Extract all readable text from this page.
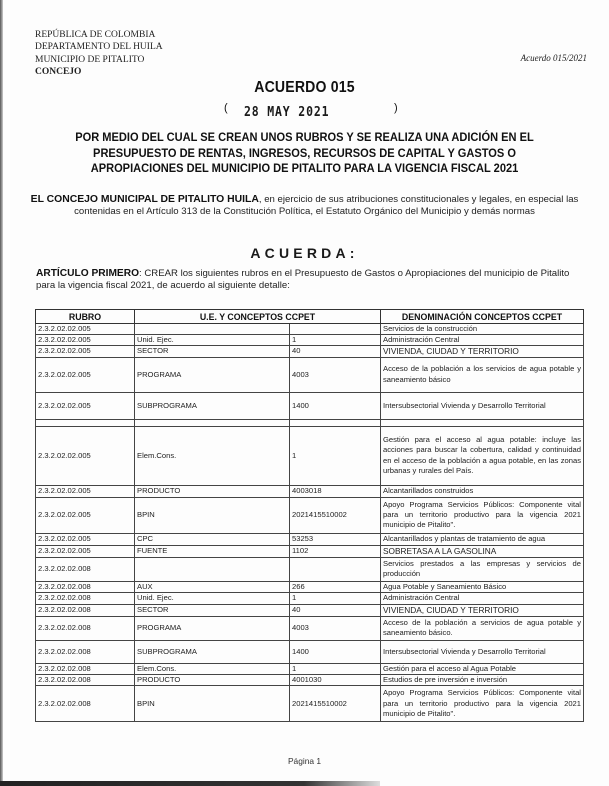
REPÚBLICA DE COLOMBIA
DEPARTAMENTO DEL HUILA
MUNICIPIO DE PITALITO
CONCEJO
Acuerdo 015/2021
ACUERDO 015
( 28 MAY 2021	)
POR MEDIO DEL CUAL SE CREAN UNOS RUBROS Y SE REALIZA UNA ADICIÓN EN EL
PRESUPUESTO DE RENTAS, INGRESOS, RECURSOS DE CAPITAL Y GASTOS O
APROPIACIONES DEL MUNICIPIO DE PITALITO PARA LA VIGENCIA FISCAL 2021
EL CONCEJO MUNICIPAL DE PITALITO HUILA, en ejercicio de sus atribuciones constitucionales y legales, en especial las contenidas en el Artículo 313 de la Constitución Política, el Estatuto Orgánico del Municipio y demás normas
ACUERDA:
ARTÍCULO PRIMERO: CREAR los siguientes rubros en el Presupuesto de Gastos o Apropiaciones del municipio de Pitalito para la vigencia fiscal 2021, de acuerdo al siguiente detalle:
RUBRO	U.E. Y CONCEPTOS CCPET		DENOMINACIÓN CONCEPTOS CCPET
2.3.2.02.02.005			Servicios de la construcción
2.3.2.02.02.005	Unid. Ejec.	1	Administración Central
2.3.2.02.02.005	SECTOR	40	VIVIENDA, CIUDAD Y TERRITORIO
2.3.2.02.02.005	PROGRAMA	4003	Acceso de la población a los servicios de agua potable y saneamiento básico
2.3.2.02.02.005	SUBPROGRAMA	1400	Intersubsectorial Vivienda y Desarrollo Territorial

2.3.2.02.02.005	Elem.Cons.	1	Gestión para el acceso al agua potable: incluye las acciones para buscar la cobertura, calidad y continuidad en el acceso de la población a agua potable, en las zonas urbanas y rurales del País.
2.3.2.02.02.005	PRODUCTO	4003018	Alcantarillados construidos
2.3.2.02.02.005	BPIN	2021415510002	Apoyo Programa Servicios Públicos: Componente vital para un territorio productivo para la vigencia 2021 municipio de Pitalito".
2.3.2.02.02.005	CPC	53253	Alcantarillados y plantas de tratamiento de agua
2.3.2.02.02.005	FUENTE	1102	SOBRETASA A LA GASOLINA
2.3.2.02.02.008			Servicios prestados a las empresas y servicios de producción
2.3.2.02.02.008	AUX	266	Agua Potable y Saneamiento Básico
2.3.2.02.02.008	Unid. Ejec.	1	Administración Central
2.3.2.02.02.008	SECTOR	40	VIVIENDA, CIUDAD Y TERRITORIO
2.3.2.02.02.008	PROGRAMA	4003	Acceso de la población a servicios de agua potable y saneamiento básico.
2.3.2.02.02.008	SUBPROGRAMA	1400	Intersubsectorial Vivienda y Desarrollo Territorial
2.3.2.02.02.008	Elem.Cons.	1	Gestión para el acceso al Agua Potable
2.3.2.02.02.008	PRODUCTO	4001030	Estudios de pre inversión e inversión
2.3.2.02.02.008	BPIN	2021415510002	Apoyo Programa Servicios Públicos: Componente vital para un territorio productivo para la vigencia 2021 municipio de Pitalito".
Página 1
